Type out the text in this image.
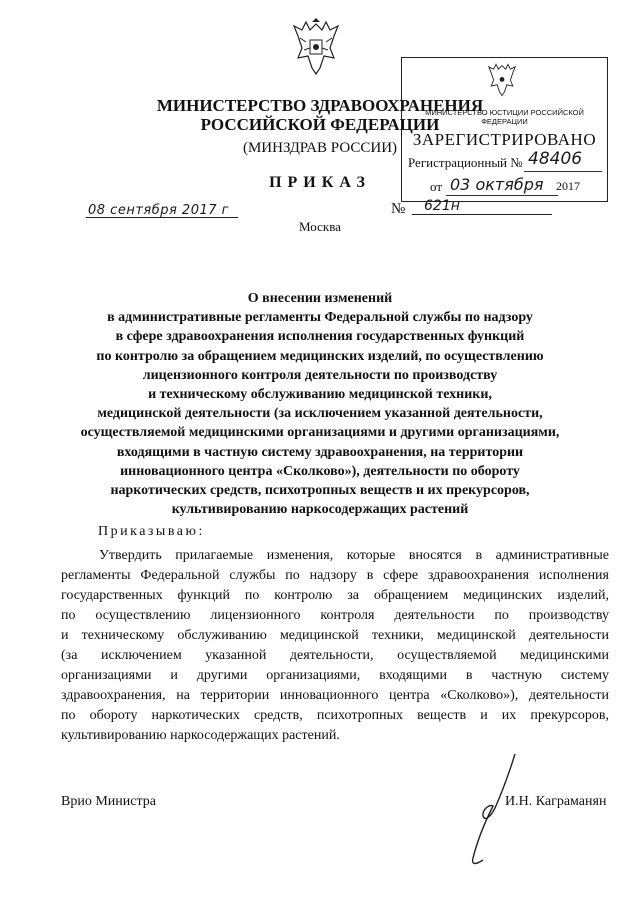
МИНИСТЕРСТВО ЗДРАВООХРАНЕНИЯ
РОССИЙСКОЙ ФЕДЕРАЦИИ
(МИНЗДРАВ РОССИИ)
ПРИКАЗ
08 сентября 2017 г	№ 621н
Москва
МИНИСТЕРСТВО ЮСТИЦИИ РОССИЙСКОЙ ФЕДЕРАЦИИ
ЗАРЕГИСТРИРОВАНО
Регистрационный № 48406
от 03 октября 2017
О внесении изменений
в административные регламенты Федеральной службы по надзору
в сфере здравоохранения исполнения государственных функций
по контролю за обращением медицинских изделий, по осуществлению
лицензионного контроля деятельности по производству
и техническому обслуживанию медицинской техники,
медицинской деятельности (за исключением указанной деятельности,
осуществляемой медицинскими организациями и другими организациями,
входящими в частную систему здравоохранения, на территории
инновационного центра «Сколково»), деятельности по обороту
наркотических средств, психотропных веществ и их прекурсоров,
культивированию наркосодержащих растений
Приказываю:
Утвердить прилагаемые изменения, которые вносятся в административные
регламенты Федеральной службы по надзору в сфере здравоохранения исполнения
государственных функций по контролю за обращением медицинских изделий,
по осуществлению лицензионного контроля деятельности по производству
и техническому обслуживанию медицинской техники, медицинской деятельности
(за исключением указанной деятельности, осуществляемой медицинскими
организациями и другими организациями, входящими в частную систему
здравоохранения, на территории инновационного центра «Сколково»), деятельности
по обороту наркотических средств, психотропных веществ и их прекурсоров,
культивированию наркосодержащих растений.
Врио Министра	И.Н. Каграманян
